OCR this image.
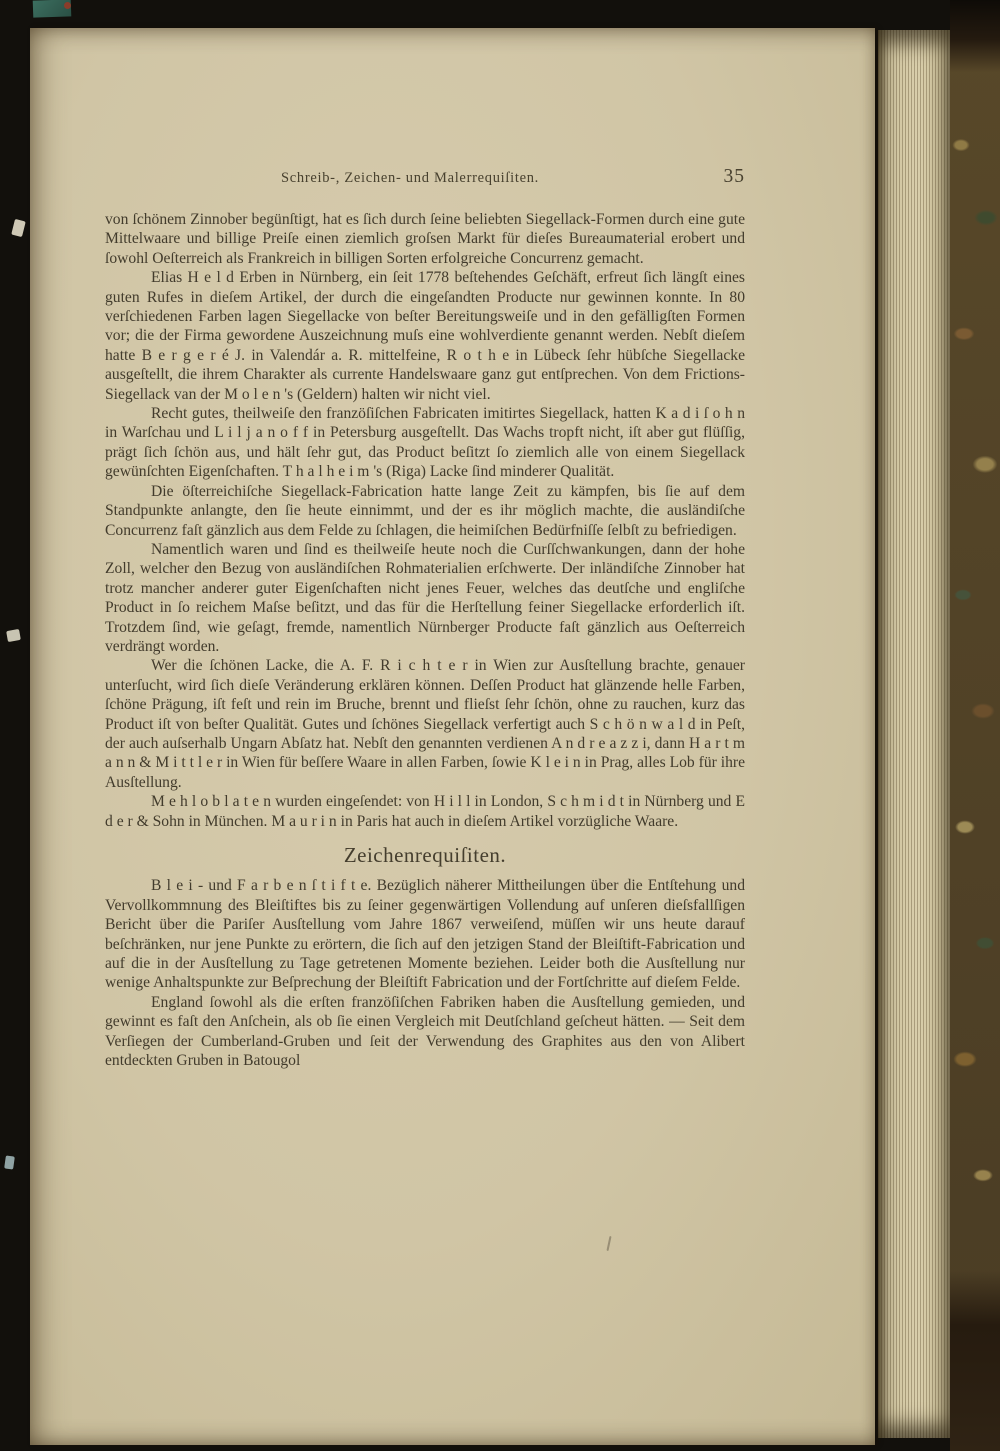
Schreib-, Zeichen- und Malerrequiſiten.	35

von ſchönem Zinnober begünſtigt, hat es ſich durch ſeine beliebten Siegellack-Formen durch eine gute Mittelwaare und billige Preiſe einen ziemlich groſsen Markt für dieſes Bureaumaterial erobert und ſowohl Oeſterreich als Frankreich in billigen Sorten erfolgreiche Concurrenz gemacht.

Elias H e l d Erben in Nürnberg, ein ſeit 1778 beſtehendes Geſchäft, erfreut ſich längſt eines guten Rufes in dieſem Artikel, der durch die eingeſandten Producte nur gewinnen konnte. In 80 verſchiedenen Farben lagen Siegellacke von beſter Bereitungsweiſe und in den gefälligſten Formen vor; die der Firma gewordene Auszeichnung muſs eine wohlverdiente genannt werden. Nebſt dieſem hatte B e r g e r é J. in Valendár a. R. mittelfeine, R o t h e in Lübeck ſehr hübſche Siegellacke ausgeſtellt, die ihrem Charakter als currente Handelswaare ganz gut entſprechen. Von dem Frictions-Siegellack van der M o l e n 's (Geldern) halten wir nicht viel.

Recht gutes, theilweiſe den franzöſiſchen Fabricaten imitirtes Siegellack, hatten K a d i ſ o h n in Warſchau und L i l j a n o f f in Petersburg ausgeſtellt. Das Wachs tropft nicht, iſt aber gut flüſſig, prägt ſich ſchön aus, und hält ſehr gut, das Product beſitzt ſo ziemlich alle von einem Siegellack gewünſchten Eigenſchaften. T h a l h e i m 's (Riga) Lacke ſind minderer Qualität.

Die öſterreichiſche Siegellack-Fabrication hatte lange Zeit zu kämpfen, bis ſie auf dem Standpunkte anlangte, den ſie heute einnimmt, und der es ihr möglich machte, die ausländiſche Concurrenz faſt gänzlich aus dem Felde zu ſchlagen, die heimiſchen Bedürfniſſe ſelbſt zu befriedigen.

Namentlich waren und ſind es theilweiſe heute noch die Curſſchwankungen, dann der hohe Zoll, welcher den Bezug von ausländiſchen Rohmaterialien erſchwerte. Der inländiſche Zinnober hat trotz mancher anderer guter Eigenſchaften nicht jenes Feuer, welches das deutſche und engliſche Product in ſo reichem Maſse beſitzt, und das für die Herſtellung feiner Siegellacke erforderlich iſt. Trotzdem ſind, wie geſagt, fremde, namentlich Nürnberger Producte faſt gänzlich aus Oeſterreich verdrängt worden.

Wer die ſchönen Lacke, die A. F. R i c h t e r in Wien zur Ausſtellung brachte, genauer unterſucht, wird ſich dieſe Veränderung erklären können. Deſſen Product hat glänzende helle Farben, ſchöne Prägung, iſt feſt und rein im Bruche, brennt und flieſst ſehr ſchön, ohne zu rauchen, kurz das Product iſt von beſter Qualität. Gutes und ſchönes Siegellack verfertigt auch S c h ö n w a l d in Peſt, der auch auſserhalb Ungarn Abſatz hat. Nebſt den genannten verdienen A n d r e a z z i, dann H a r t m a n n & M i t t l e r in Wien für beſſere Waare in allen Farben, ſowie K l e i n in Prag, alles Lob für ihre Ausſtellung.

M e h l o b l a t e n wurden eingeſendet: von H i l l in London, S c h m i d t in Nürnberg und E d e r & Sohn in München. M a u r i n in Paris hat auch in dieſem Artikel vorzügliche Waare.

Zeichenrequiſiten.

B l e i - und F a r b e n ſ t i f t e. Bezüglich näherer Mittheilungen über die Entſtehung und Vervollkommnung des Bleiſtiftes bis zu ſeiner gegenwärtigen Vollendung auf unſeren dieſsfallſigen Bericht über die Pariſer Ausſtellung vom Jahre 1867 verweiſend, müſſen wir uns heute darauf beſchränken, nur jene Punkte zu erörtern, die ſich auf den jetzigen Stand der Bleiſtift-Fabrication und auf die in der Ausſtellung zu Tage getretenen Momente beziehen. Leider both die Ausſtellung nur wenige Anhaltspunkte zur Beſprechung der Bleiſtift Fabrication und der Fortſchritte auf dieſem Felde.

England ſowohl als die erſten franzöſiſchen Fabriken haben die Ausſtellung gemieden, und gewinnt es faſt den Anſchein, als ob ſie einen Vergleich mit Deutſchland geſcheut hätten. — Seit dem Verſiegen der Cumberland-Gruben und ſeit der Verwendung des Graphites aus den von Alibert entdeckten Gruben in Batougol
